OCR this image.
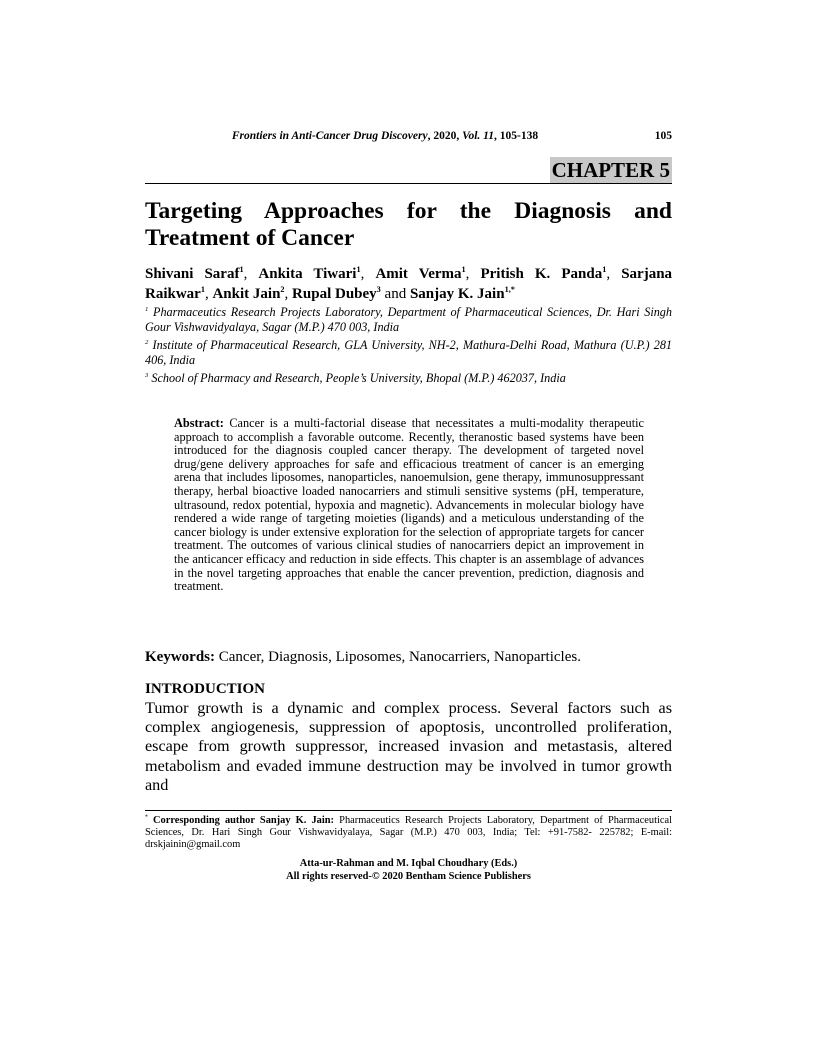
Frontiers in Anti-Cancer Drug Discovery, 2020, Vol. 11, 105-138	105
CHAPTER 5
Targeting Approaches for the Diagnosis and
Treatment of Cancer
Shivani Saraf$^1$, Ankita Tiwari$^1$, Amit Verma$^1$, Pritish K. Panda$^1$, Sarjana Raikwar$^1$, Ankit Jain$^2$, Rupal Dubey$^3$ and Sanjay K. Jain$^{1,*}$
$^1$ Pharmaceutics Research Projects Laboratory, Department of Pharmaceutical Sciences, Dr. Hari Singh Gour Vishwavidyalaya, Sagar (M.P.) 470 003, India
$^2$ Institute of Pharmaceutical Research, GLA University, NH-2, Mathura-Delhi Road, Mathura (U.P.) 281 406, India
$^3$ School of Pharmacy and Research, People’s University, Bhopal (M.P.) 462037, India
Abstract: Cancer is a multi-factorial disease that necessitates a multi-modality therapeutic approach to accomplish a favorable outcome. Recently, theranostic based systems have been introduced for the diagnosis coupled cancer therapy. The development of targeted novel drug/gene delivery approaches for safe and efficacious treatment of cancer is an emerging arena that includes liposomes, nanoparticles, nanoemulsion, gene therapy, immunosuppressant therapy, herbal bioactive loaded nanocarriers and stimuli sensitive systems (pH, temperature, ultrasound, redox potential, hypoxia and magnetic). Advancements in molecular biology have rendered a wide range of targeting moieties (ligands) and a meticulous understanding of the cancer biology is under extensive exploration for the selection of appropriate targets for cancer treatment. The outcomes of various clinical studies of nanocarriers depict an improvement in the anticancer efficacy and reduction in side effects. This chapter is an assemblage of advances in the novel targeting approaches that enable the cancer prevention, prediction, diagnosis and treatment.
Keywords: Cancer, Diagnosis, Liposomes, Nanocarriers, Nanoparticles.
INTRODUCTION
Tumor growth is a dynamic and complex process. Several factors such as complex angiogenesis, suppression of apoptosis, uncontrolled proliferation, escape from growth suppressor, increased invasion and metastasis, altered metabolism and evaded immune destruction may be involved in tumor growth and
* Corresponding author Sanjay K. Jain: Pharmaceutics Research Projects Laboratory, Department of Pharmaceutical Sciences, Dr. Hari Singh Gour Vishwavidyalaya, Sagar (M.P.) 470 003, India; Tel: +91-7582- 225782; E-mail: drskjainin@gmail.com
Atta-ur-Rahman and M. Iqbal Choudhary (Eds.)
All rights reserved-© 2020 Bentham Science Publishers
